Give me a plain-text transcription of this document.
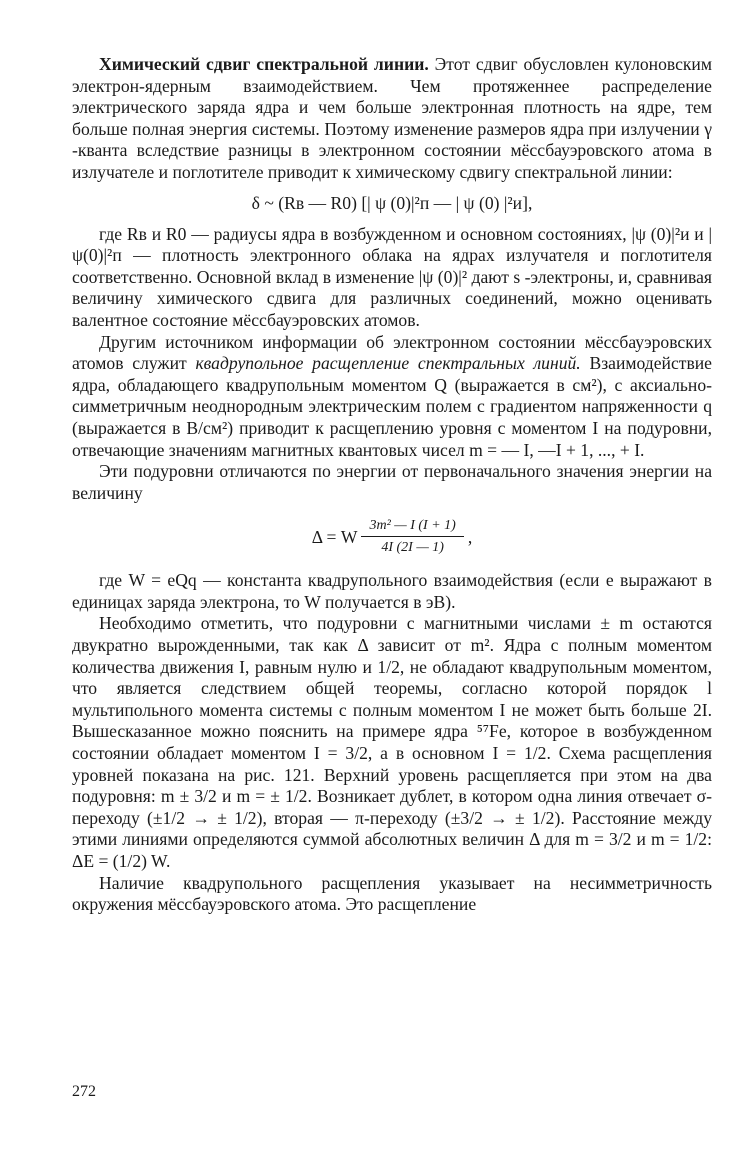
Химический сдвиг спектральной линии. Этот сдвиг обусловлен кулоновским электрон-ядерным взаимодействием. Чем протяженнее распределение электрического заряда ядра и чем больше электронная плотность на ядре, тем больше полная энергия системы. Поэтому изменение размеров ядра при излучении γ -кванта вследствие разницы в электронном состоянии мёссбауэровского атома в излучателе и поглотителе приводит к химическому сдвигу спектральной линии:

δ ~ (Rв — R0) [| ψ (0)|²п — | ψ (0) |²и],

где Rв и R0 — радиусы ядра в возбужденном и основном состояниях, |ψ (0)|²и и |ψ(0)|²п — плотность электронного облака на ядрах излучателя и поглотителя соответственно. Основной вклад в изменение |ψ (0)|² дают s -электроны, и, сравнивая величину химического сдвига для различных соединений, можно оценивать валентное состояние мёссбауэровских атомов.

Другим источником информации об электронном состоянии мёссбауэровских атомов служит квадрупольное расщепление спектральных линий. Взаимодействие ядра, обладающего квадрупольным моментом Q (выражается в см²), с аксиально-симметричным неоднородным электрическим полем с градиентом напряженности q (выражается в В/см²) приводит к расщеплению уровня с моментом I на подуровни, отвечающие значениям магнитных квантовых чисел m = — I, —I + 1, ..., + I.

Эти подуровни отличаются по энергии от первоначального значения энергии на величину

Δ = W $\frac{\text{3m² — I (I + 1)}}{4I (2I — 1)}$ ,

где W = eQq — константа квадрупольного взаимодействия (если e выражают в единицах заряда электрона, то W получается в эВ).

Необходимо отметить, что подуровни с магнитными числами ± m остаются двукратно вырожденными, так как Δ зависит от m². Ядра с полным моментом количества движения I, равным нулю и 1/2, не обладают квадрупольным моментом, что является следствием общей теоремы, согласно которой порядок l мультипольного момента системы с полным моментом I не может быть больше 2I. Вышесказанное можно пояснить на примере ядра ⁵⁷Fe, которое в возбужденном состоянии обладает моментом I = 3/2, а в основном I = 1/2. Схема расщепления уровней показана на рис. 121. Верхний уровень расщепляется при этом на два подуровня: m ± 3/2 и m = ± 1/2. Возникает дублет, в котором одна линия отвечает σ-переходу (±1/2 → ± 1/2), вторая — π-переходу (±3/2 → ± 1/2). Расстояние между этими линиями определяются суммой абсолютных величин Δ для m = 3/2 и m = 1/2: ΔE = (1/2) W.

Наличие квадрупольного расщепления указывает на несимметричность окружения мёссбауэровского атома. Это расщепление

272
